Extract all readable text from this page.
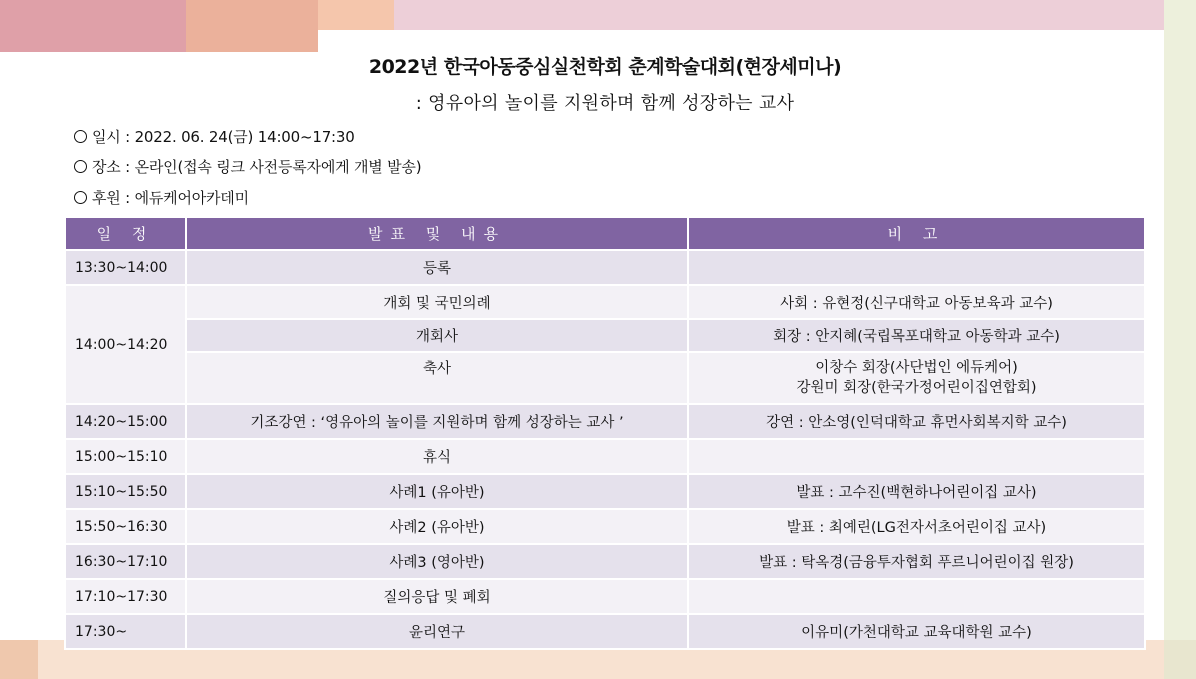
2022년 한국아동중심실천학회 춘계학술대회(현장세미나)
: 영유아의 놀이를 지원하며 함께 성장하는 교사
일시 : 2022. 06. 24(금) 14:00~17:30
장소 : 온라인(접속 링크 사전등록자에게 개별 발송)
후원 : 에듀케어아카데미
일 정	발표 및 내용	비 고
13:30~14:00	등록	
14:00~14:20	개회 및 국민의례	사회 : 유현정(신구대학교 아동보육과 교수)
	개회사	회장 : 안지혜(국립목포대학교 아동학과 교수)
	축사	이창수 회장(사단법인 에듀케어)
강원미 회장(한국가정어린이집연합회)

14:20~15:00	기조강연 : ‘영유아의 놀이를 지원하며 함께 성장하는 교사 ’	강연 : 안소영(인덕대학교 휴먼사회복지학 교수)
15:00~15:10	휴식	
15:10~15:50	사례1 (유아반)	발표 : 고수진(백현하나어린이집 교사)
15:50~16:30	사례2 (유아반)	발표 : 최예린(LG전자서초어린이집 교사)
16:30~17:10	사례3 (영아반)	발표 : 탁옥경(금융투자협회 푸르니어린이집 원장)
17:10~17:30	질의응답 및 폐회	
17:30~	윤리연구	이유미(가천대학교 교육대학원 교수)
